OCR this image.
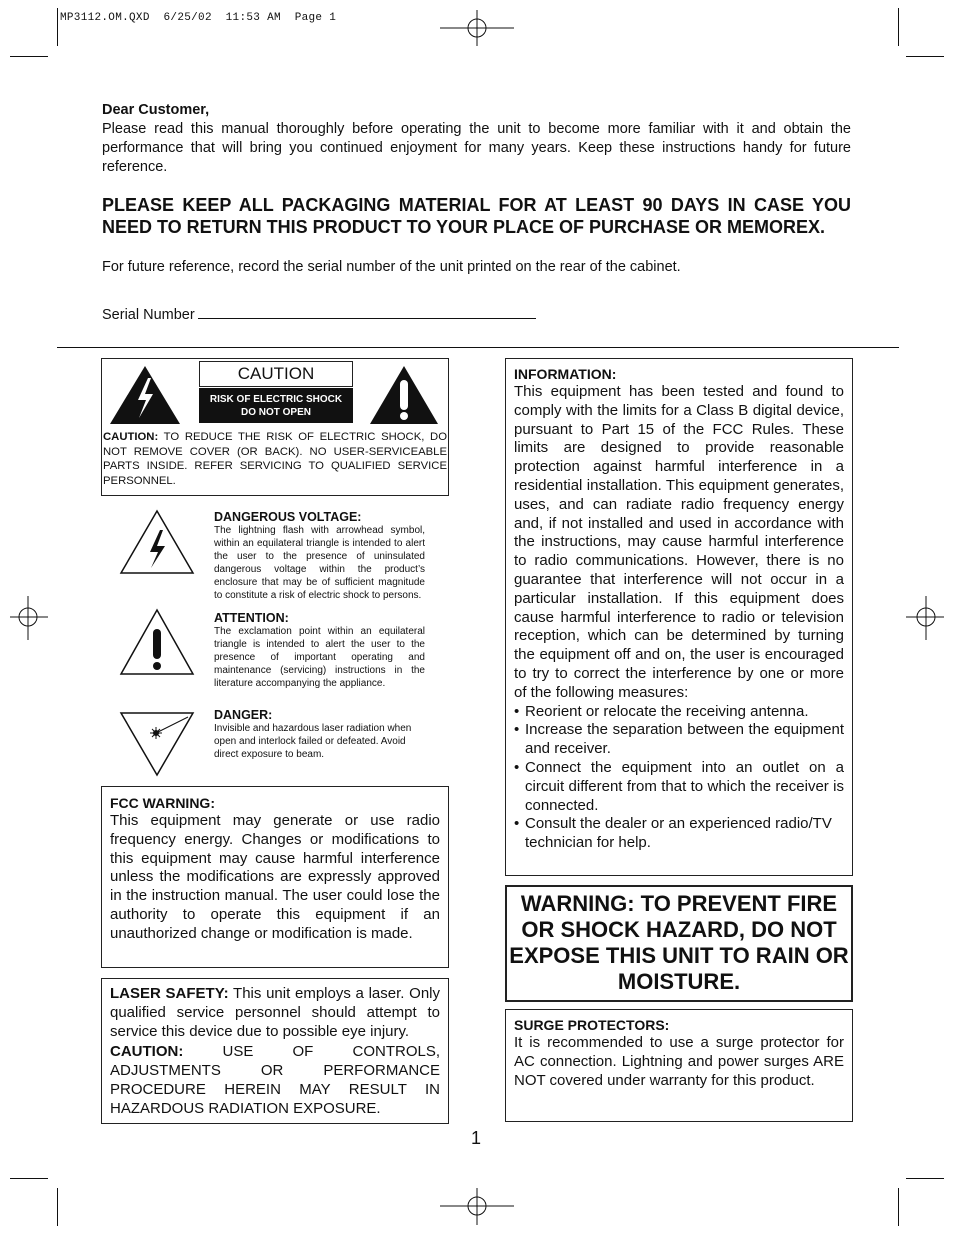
MP3112.OM.QXD 6/25/02 11:53 AM Page 1
Dear Customer,
Please read this manual thoroughly before operating the unit to become more familiar with it and obtain the performance that will bring you continued enjoyment for many years. Keep these instructions handy for future reference.
PLEASE KEEP ALL PACKAGING MATERIAL FOR AT LEAST 90 DAYS IN CASE YOU NEED TO RETURN THIS PRODUCT TO YOUR PLACE OF PURCHASE OR MEMOREX.
For future reference, record the serial number of the unit printed on the rear of the cabinet.
Serial Number
CAUTION
RISK OF ELECTRIC SHOCK
DO NOT OPEN
CAUTION: TO REDUCE THE RISK OF ELECTRIC SHOCK, DO NOT REMOVE COVER (OR BACK). NO USER-SERVICEABLE PARTS INSIDE. REFER SERVICING TO QUALIFIED SERVICE PERSONNEL.
DANGEROUS VOLTAGE:
The lightning flash with arrowhead symbol, within an equilateral triangle is intended to alert the user to the presence of uninsulated dangerous voltage within the product’s enclosure that may be of sufficient magnitude to constitute a risk of electric shock to persons.
ATTENTION:
The exclamation point within an equilateral triangle is intended to alert the user to the presence of important operating and maintenance (servicing) instructions in the literature accompanying the appliance.
DANGER:
Invisible and hazardous laser radiation when open and interlock failed or defeated. Avoid direct exposure to beam.
FCC WARNING:
This equipment may generate or use radio frequency energy. Changes or modifications to this equipment may cause harmful interference unless the modifications are expressly approved in the instruction manual. The user could lose the authority to operate this equipment if an unauthorized change or modification is made.
LASER SAFETY: This unit employs a laser. Only qualified service personnel should attempt to service this device due to possible eye injury.
CAUTION: USE OF CONTROLS, ADJUSTMENTS OR PERFORMANCE PROCEDURE HEREIN MAY RESULT IN HAZARDOUS RADIATION EXPOSURE.
INFORMATION:
This equipment has been tested and found to comply with the limits for a Class B digital device, pursuant to Part 15 of the FCC Rules. These limits are designed to provide reasonable protection against harmful interference in a residential installation. This equipment generates, uses, and can radiate radio frequency energy and, if not installed and used in accordance with the instructions, may cause harmful interference to radio communications. However, there is no guarantee that interference will not occur in a particular installation. If this equipment does cause harmful interference to radio or television reception, which can be determined by turning the equipment off and on, the user is encouraged to try to correct the interference by one or more of the following measures:
• Reorient or relocate the receiving antenna.
• Increase the separation between the equipment and receiver.
• Connect the equipment into an outlet on a circuit different from that to which the receiver is connected.
• Consult the dealer or an experienced radio/TV technician for help.
WARNING: TO PREVENT FIRE OR SHOCK HAZARD, DO NOT EXPOSE THIS UNIT TO RAIN OR MOISTURE.
SURGE PROTECTORS:
It is recommended to use a surge protector for AC connection. Lightning and power surges ARE NOT covered under warranty for this product.
1
